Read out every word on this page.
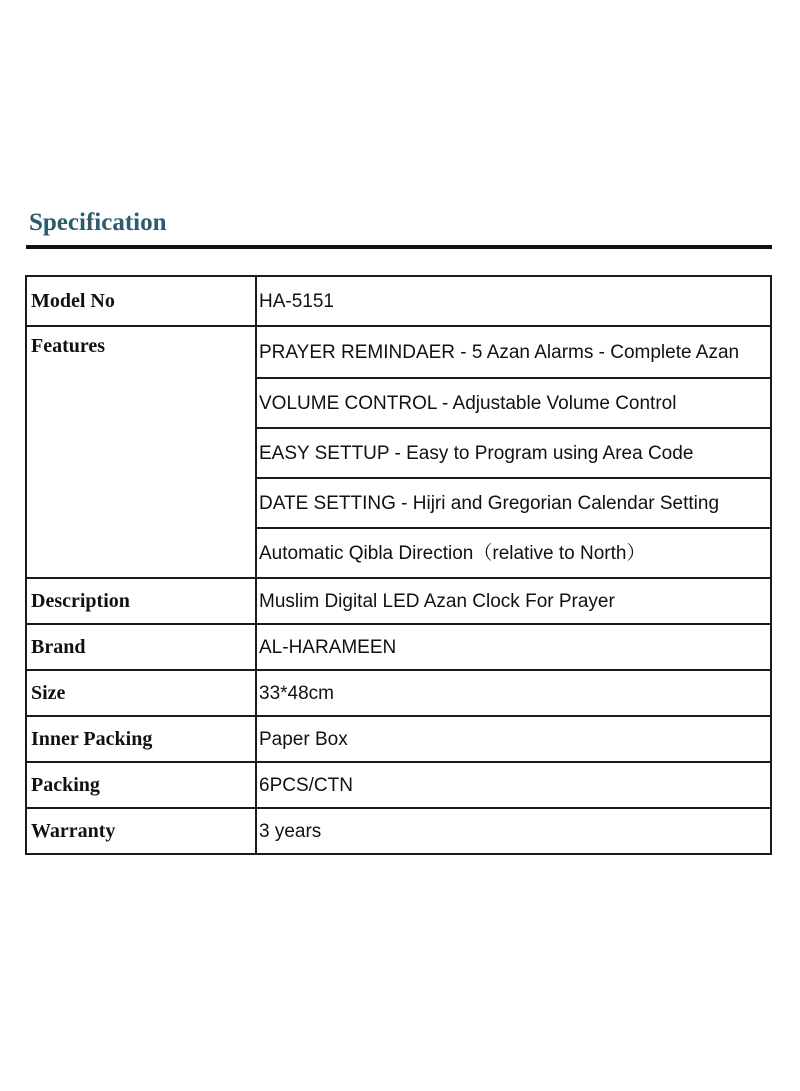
Specification
Model No	HA-5151
Features	PRAYER REMINDAER - 5 Azan Alarms - Complete Azan
	VOLUME CONTROL - Adjustable Volume Control
	EASY SETTUP - Easy to Program using Area Code
	DATE SETTING - Hijri and Gregorian Calendar Setting
	Automatic Qibla Direction（relative to North）
Description	Muslim Digital LED Azan Clock For Prayer
Brand	AL-HARAMEEN
Size	33*48cm
Inner Packing	Paper Box
Packing	6PCS/CTN
Warranty	3 years
